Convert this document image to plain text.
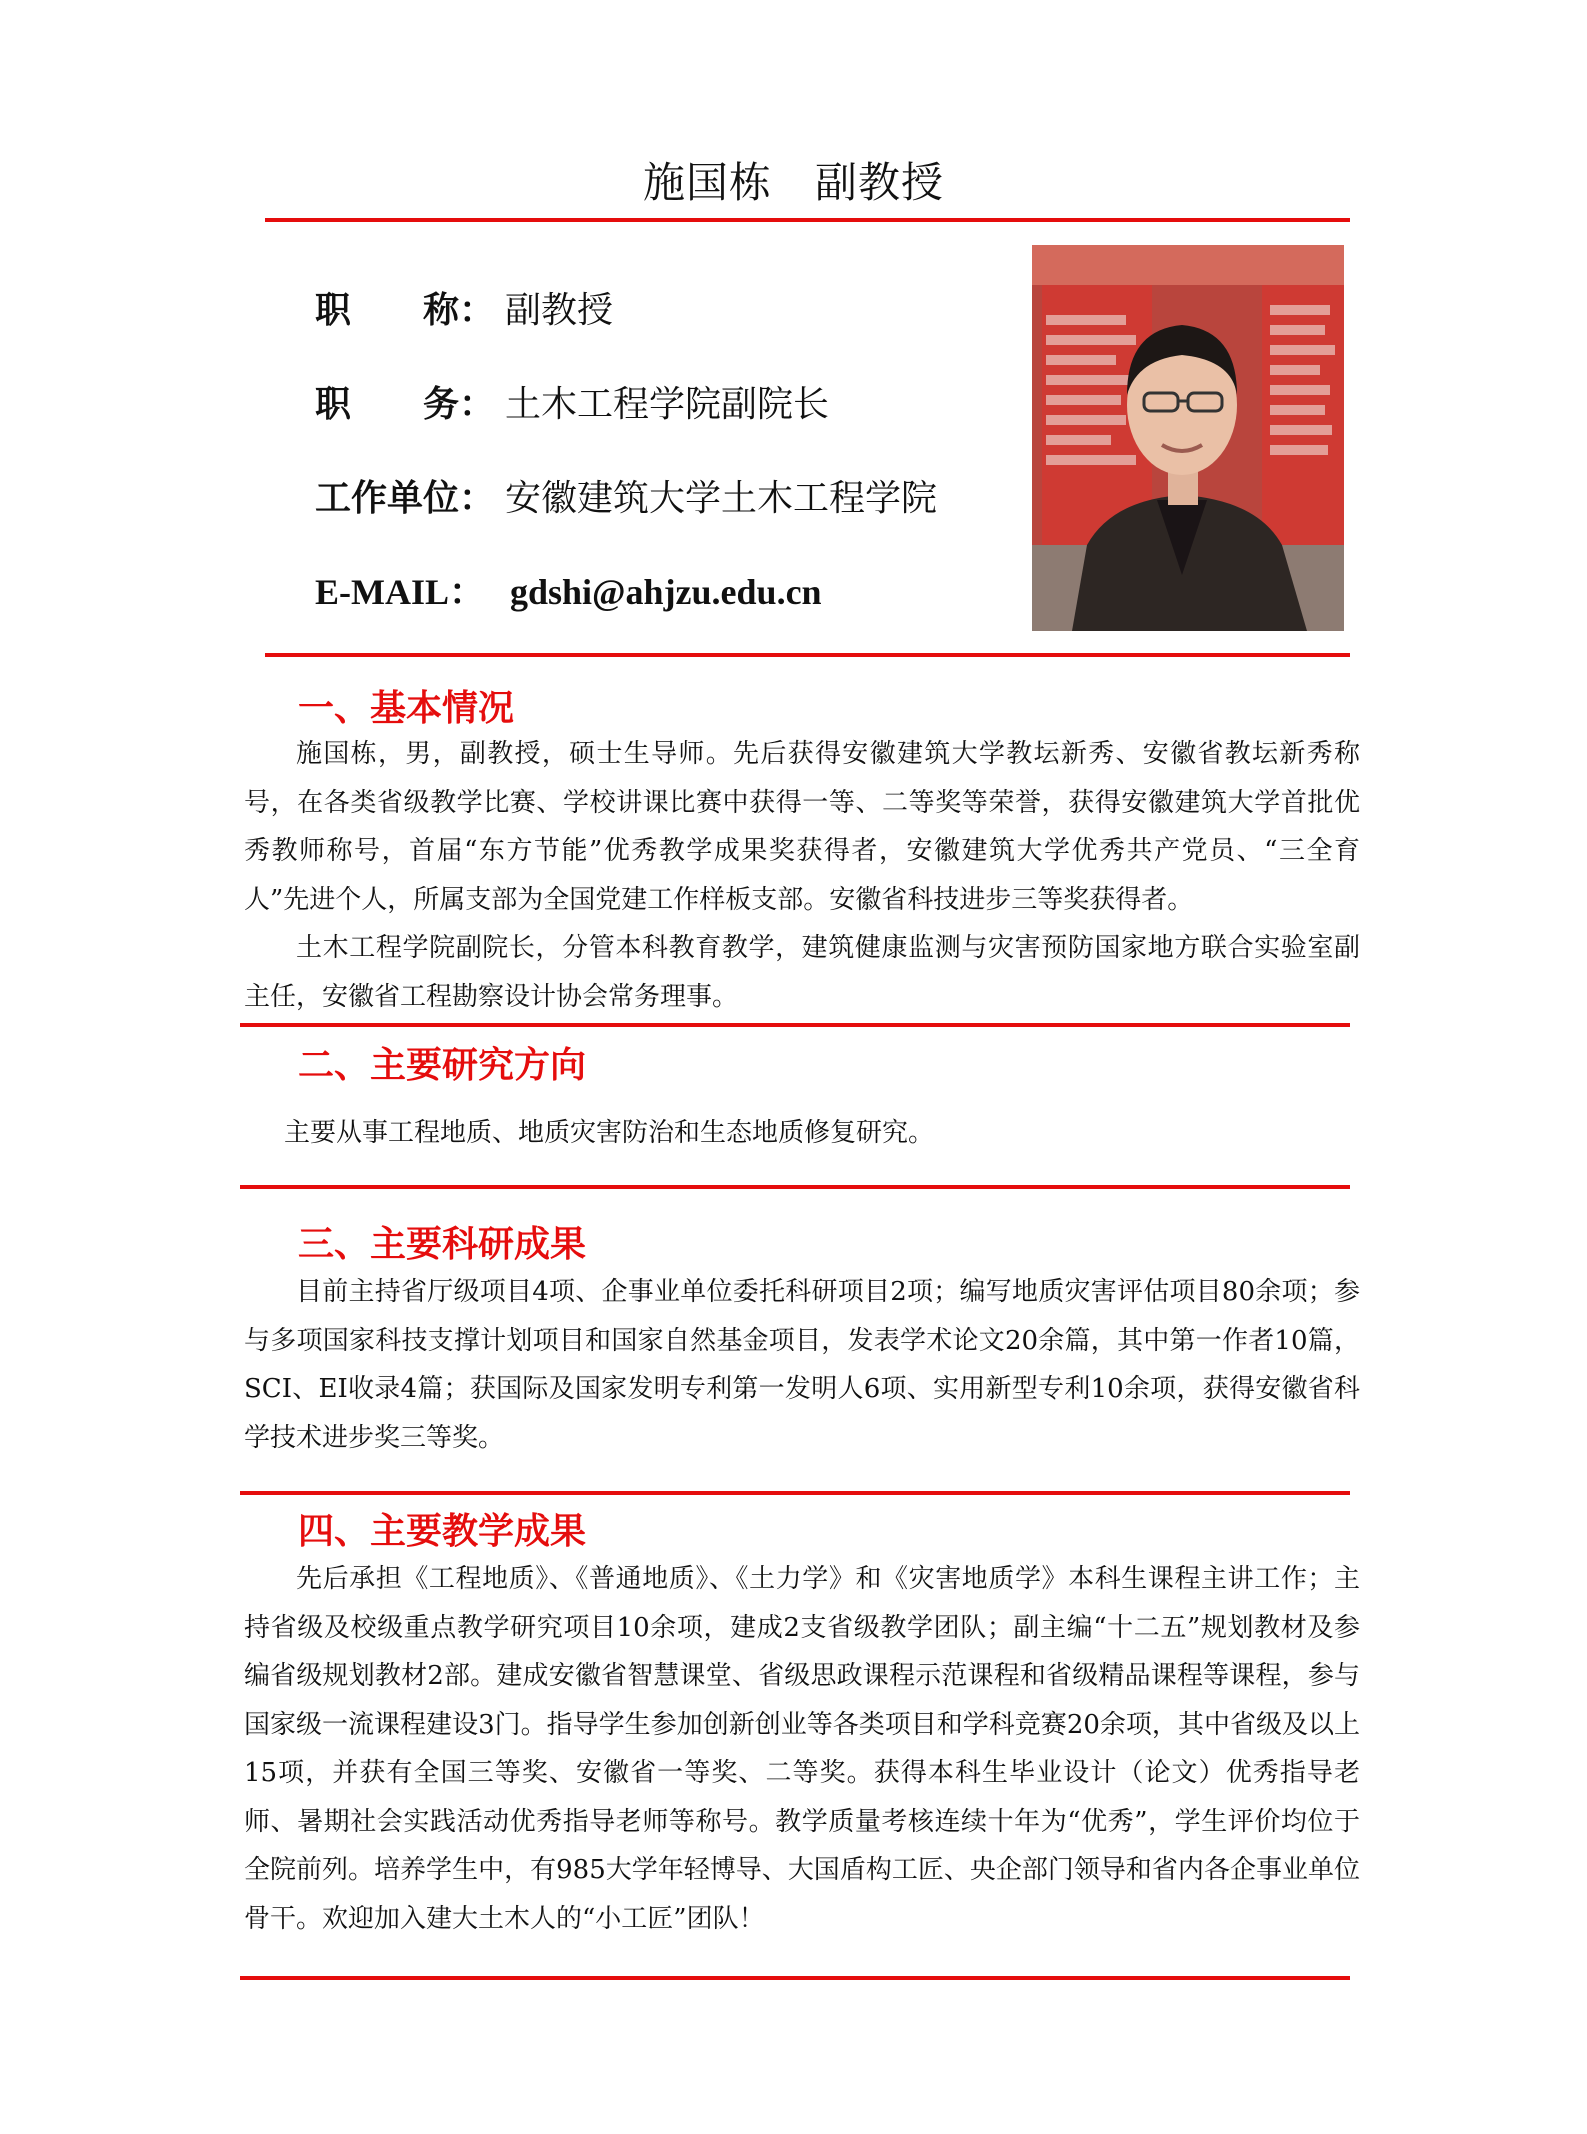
施国栋　副教授
职　　称： 副教授
职　　务： 土木工程学院副院长
工作单位： 安徽建筑大学土木工程学院
E-MAIL： gdshi@ahjzu.edu.cn
一、基本情况

施国栋，男，副教授，硕士生导师。先后获得安徽建筑大学教坛新秀、安徽省教坛新秀称号，在各类省级教学比赛、学校讲课比赛中获得一等、二等奖等荣誉，获得安徽建筑大学首批优秀教师称号，首届“东方节能”优秀教学成果奖获得者，安徽建筑大学优秀共产党员、“三全育人”先进个人，所属支部为全国党建工作样板支部。安徽省科技进步三等奖获得者。

土木工程学院副院长，分管本科教育教学，建筑健康监测与灾害预防国家地方联合实验室副主任，安徽省工程勘察设计协会常务理事。

二、主要研究方向

主要从事工程地质、地质灾害防治和生态地质修复研究。

三、主要科研成果

目前主持省厅级项目4项、企事业单位委托科研项目2项；编写地质灾害评估项目80余项；参与多项国家科技支撑计划项目和国家自然基金项目，发表学术论文20余篇，其中第一作者10篇，SCI、EI收录4篇；获国际及国家发明专利第一发明人6项、实用新型专利10余项，获得安徽省科学技术进步奖三等奖。

四、主要教学成果

先后承担《工程地质》、《普通地质》、《土力学》和《灾害地质学》本科生课程主讲工作；主持省级及校级重点教学研究项目10余项，建成2支省级教学团队；副主编“十二五”规划教材及参编省级规划教材2部。建成安徽省智慧课堂、省级思政课程示范课程和省级精品课程等课程，参与国家级一流课程建设3门。指导学生参加创新创业等各类项目和学科竞赛20余项，其中省级及以上15项，并获有全国三等奖、安徽省一等奖、二等奖。获得本科生毕业设计（论文）优秀指导老师、暑期社会实践活动优秀指导老师等称号。教学质量考核连续十年为“优秀”，学生评价均位于全院前列。培养学生中，有985大学年轻博导、大国盾构工匠、央企部门领导和省内各企事业单位骨干。欢迎加入建大土木人的“小工匠”团队！
